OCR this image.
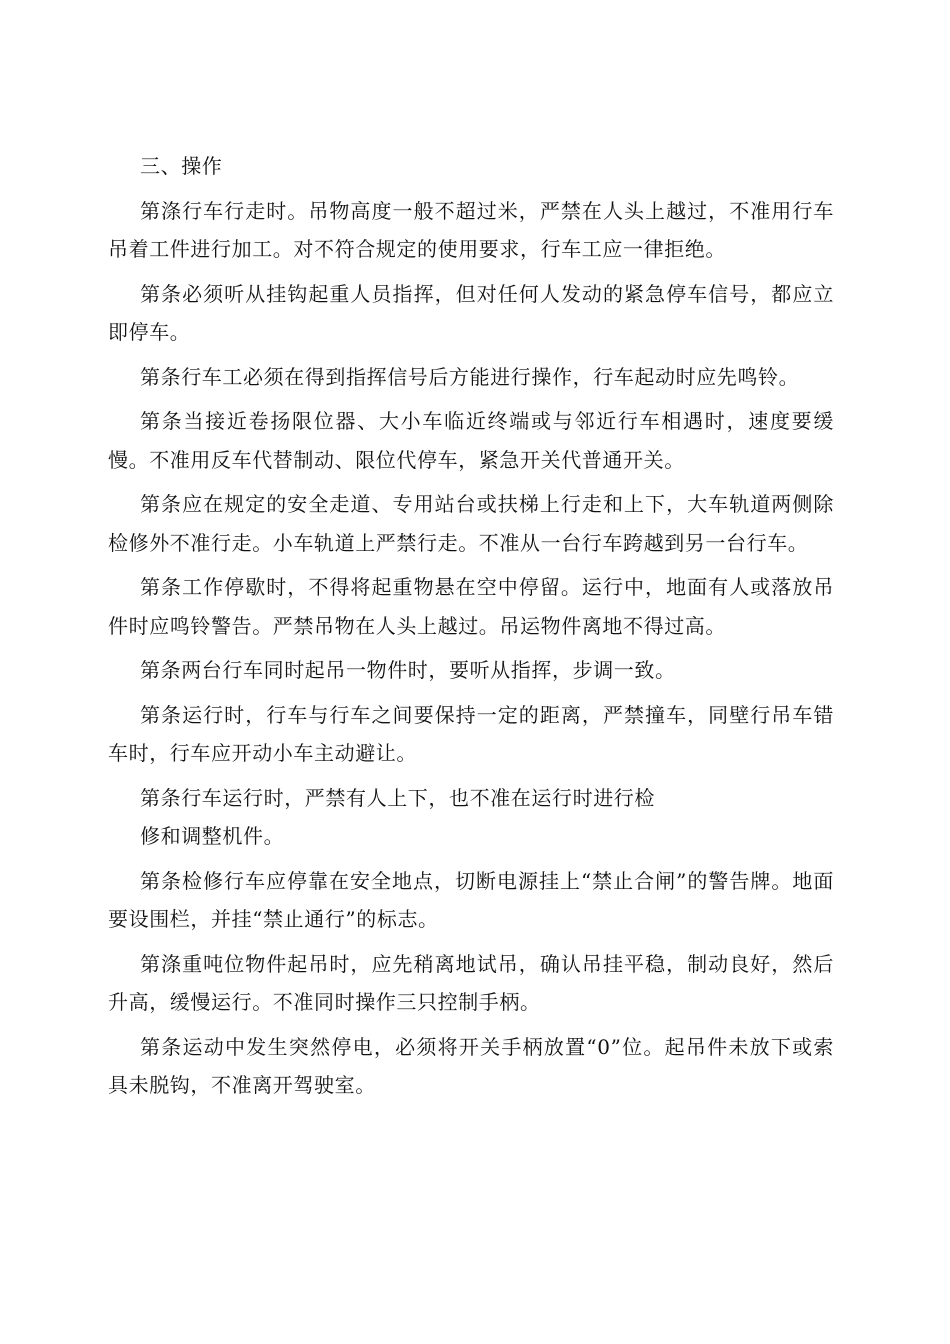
三、操作

第涤行车行走时。吊物高度一般不超过米，严禁在人头上越过，不准用行车吊着工件进行加工。对不符合规定的使用要求，行车工应一律拒绝。

第条必须听从挂钩起重人员指挥，但对任何人发动的紧急停车信号，都应立即停车。

第条行车工必须在得到指挥信号后方能进行操作，行车起动时应先鸣铃。

第条当接近卷扬限位器、大小车临近终端或与邻近行车相遇时，速度要缓慢。不准用反车代替制动、限位代停车，紧急开关代普通开关。

第条应在规定的安全走道、专用站台或扶梯上行走和上下，大车轨道两侧除检修外不准行走。小车轨道上严禁行走。不准从一台行车跨越到另一台行车。

第条工作停歇时，不得将起重物悬在空中停留。运行中，地面有人或落放吊件时应鸣铃警告。严禁吊物在人头上越过。吊运物件离地不得过高。

第条两台行车同时起吊一物件时，要听从指挥，步调一致。

第条运行时，行车与行车之间要保持一定的距离，严禁撞车，同壁行吊车错车时，行车应开动小车主动避让。

第条行车运行时，严禁有人上下，也不准在运行时进行检

修和调整机件。

第条检修行车应停靠在安全地点，切断电源挂上“禁止合闸”的警告牌。地面要设围栏，并挂“禁止通行”的标志。

第涤重吨位物件起吊时，应先稍离地试吊，确认吊挂平稳，制动良好，然后升高，缓慢运行。不准同时操作三只控制手柄。

第条运动中发生突然停电，必须将开关手柄放置“0”位。起吊件未放下或索具未脱钩，不准离开驾驶室。
